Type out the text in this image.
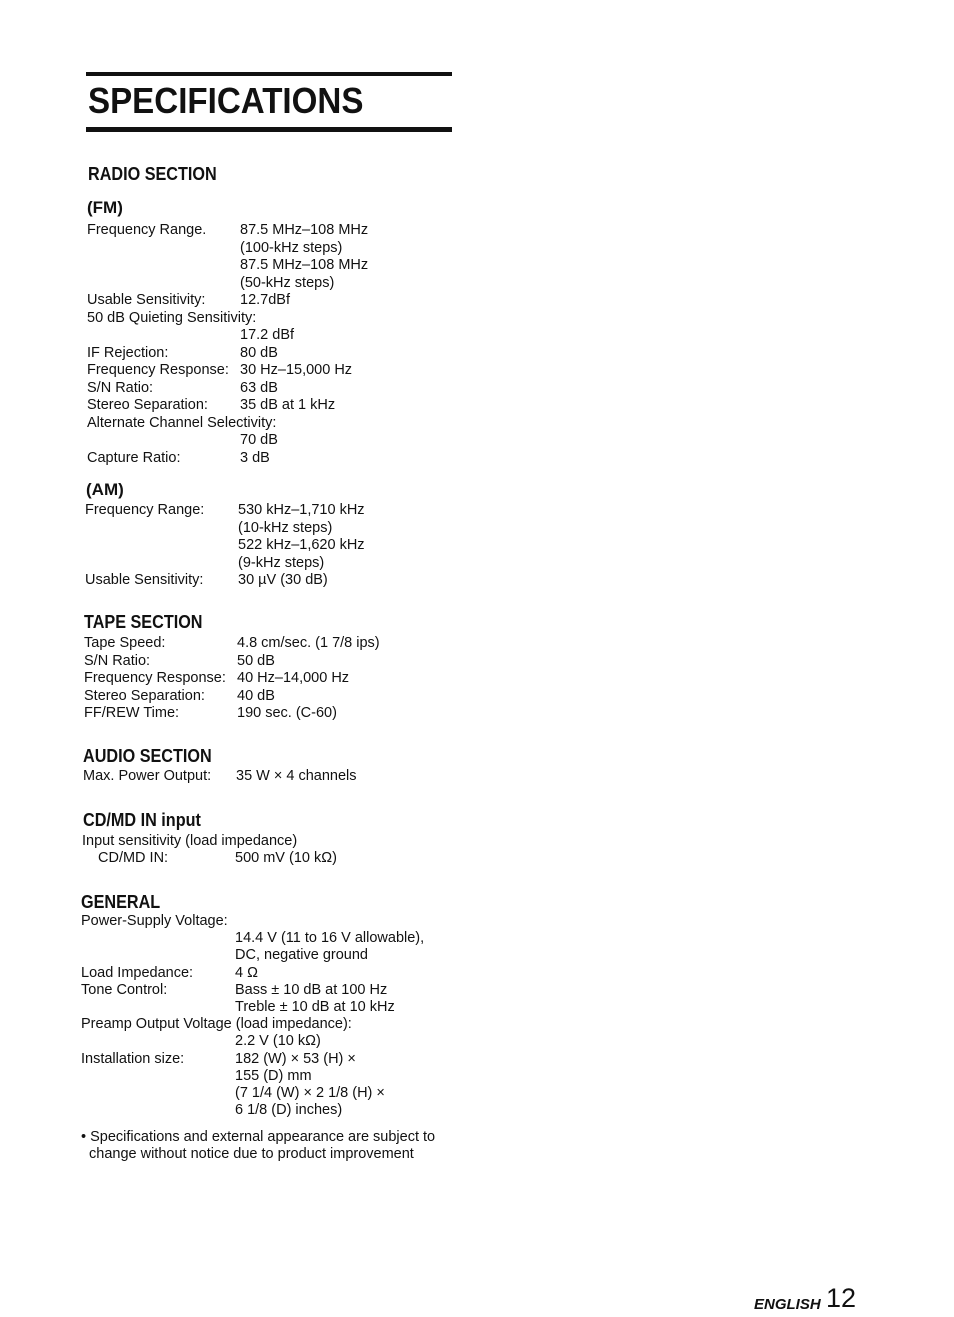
SPECIFICATIONS
RADIO SECTION
(FM)
Frequency Range. 87.5 MHz–108 MHz
(100-kHz steps)
87.5 MHz–108 MHz
(50-kHz steps)
Usable Sensitivity: 12.7dBf
50 dB Quieting Sensitivity:
17.2 dBf
IF Rejection:	80 dB
Frequency Response: 30 Hz–15,000 Hz
S/N Ratio:	63 dB
Stereo Separation: 35 dB at 1 kHz
Alternate Channel Selectivity:
70 dB
Capture Ratio:	3 dB
(AM)
Frequency Range: 530 kHz–1,710 kHz
(10-kHz steps)
522 kHz–1,620 kHz
(9-kHz steps)
Usable Sensitivity: 30 µV (30 dB)
TAPE SECTION
Tape Speed:	4.8 cm/sec. (1 7/8 ips)
S/N Ratio:	50 dB
Frequency Response: 40 Hz–14,000 Hz
Stereo Separation: 40 dB
FF/REW Time:	190 sec. (C-60)
AUDIO SECTION
Max. Power Output: 35 W × 4 channels
CD/MD IN input
Input sensitivity (load impedance)
CD/MD IN:	500 mV (10 kΩ)
GENERAL
Power-Supply Voltage:
14.4 V (11 to 16 V allowable),
DC, negative ground
Load Impedance:	4 Ω
Tone Control:	Bass ± 10 dB at 100 Hz
Treble ± 10 dB at 10 kHz
Preamp Output Voltage (load impedance):
2.2 V (10 kΩ)
Installation size:	182 (W) × 53 (H) ×
155 (D) mm
(7 1/4 (W) × 2 1/8 (H) ×
6 1/8 (D) inches)
• Specifications and external appearance are subject to
change without notice due to product improvement
ENGLISH 12
